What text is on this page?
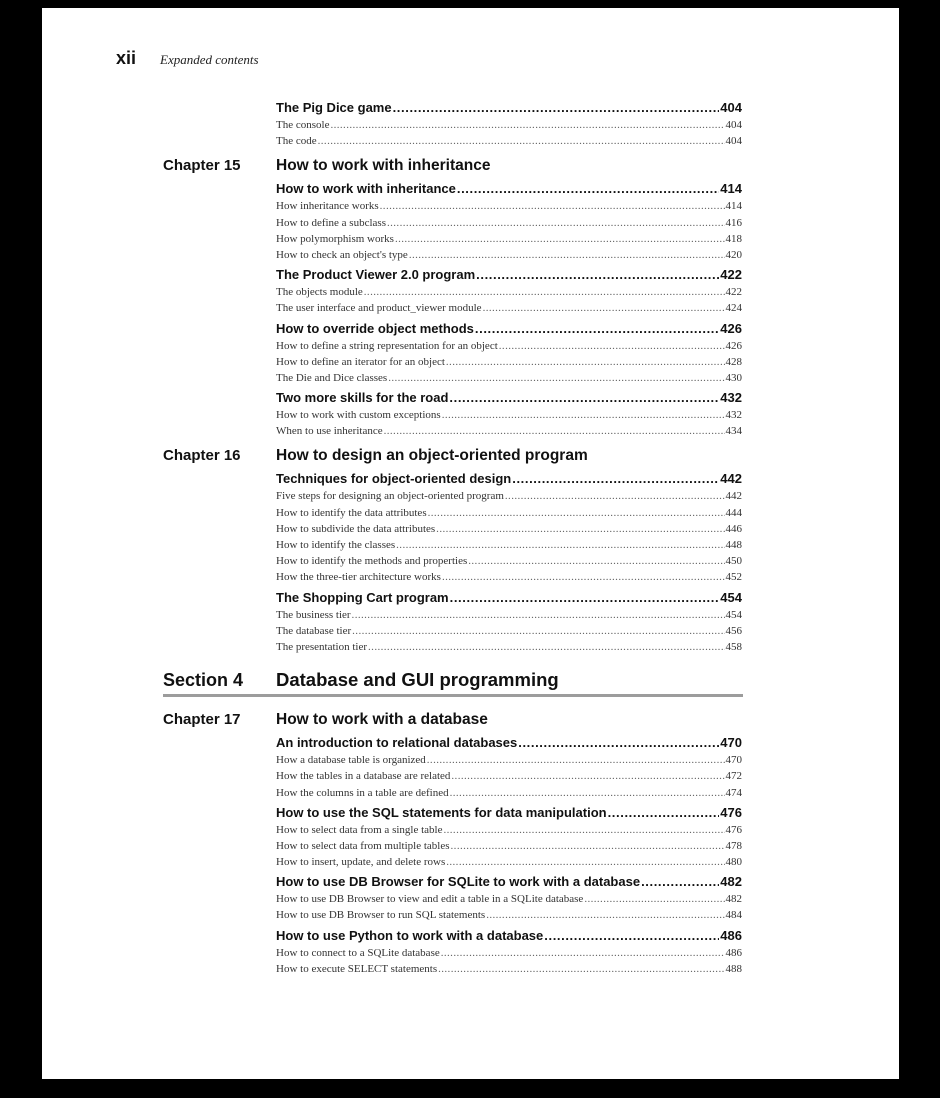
xii Expanded contents
The Pig Dice game .....	404
The console .....	404
The code .....	404
Chapter 15	How to work with inheritance
How to work with inheritance .....	414
How inheritance works .....	414
How to define a subclass .....	416
How polymorphism works .....	418
How to check an object's type .....	420
The Product Viewer 2.0 program .....	422
The objects module .....	422
The user interface and product_viewer module .....	424
How to override object methods .....	426
How to define a string representation for an object .....	426
How to define an iterator for an object .....	428
The Die and Dice classes .....	430
Two more skills for the road .....	432
How to work with custom exceptions .....	432
When to use inheritance .....	434
Chapter 16	How to design an object-oriented program
Techniques for object-oriented design .....	442
Five steps for designing an object-oriented program .....	442
How to identify the data attributes .....	444
How to subdivide the data attributes .....	446
How to identify the classes .....	448
How to identify the methods and properties .....	450
How the three-tier architecture works .....	452
The Shopping Cart program .....	454
The business tier .....	454
The database tier .....	456
The presentation tier .....	458
Section 4	Database and GUI programming
Chapter 17	How to work with a database
An introduction to relational databases .....	470
How a database table is organized .....	470
How the tables in a database are related .....	472
How the columns in a table are defined .....	474
How to use the SQL statements for data manipulation .....	476
How to select data from a single table .....	476
How to select data from multiple tables .....	478
How to insert, update, and delete rows .....	480
How to use DB Browser for SQLite to work with a database .....	482
How to use DB Browser to view and edit a table in a SQLite database .....	482
How to use DB Browser to run SQL statements .....	484
How to use Python to work with a database .....	486
How to connect to a SQLite database .....	486
How to execute SELECT statements .....	488
